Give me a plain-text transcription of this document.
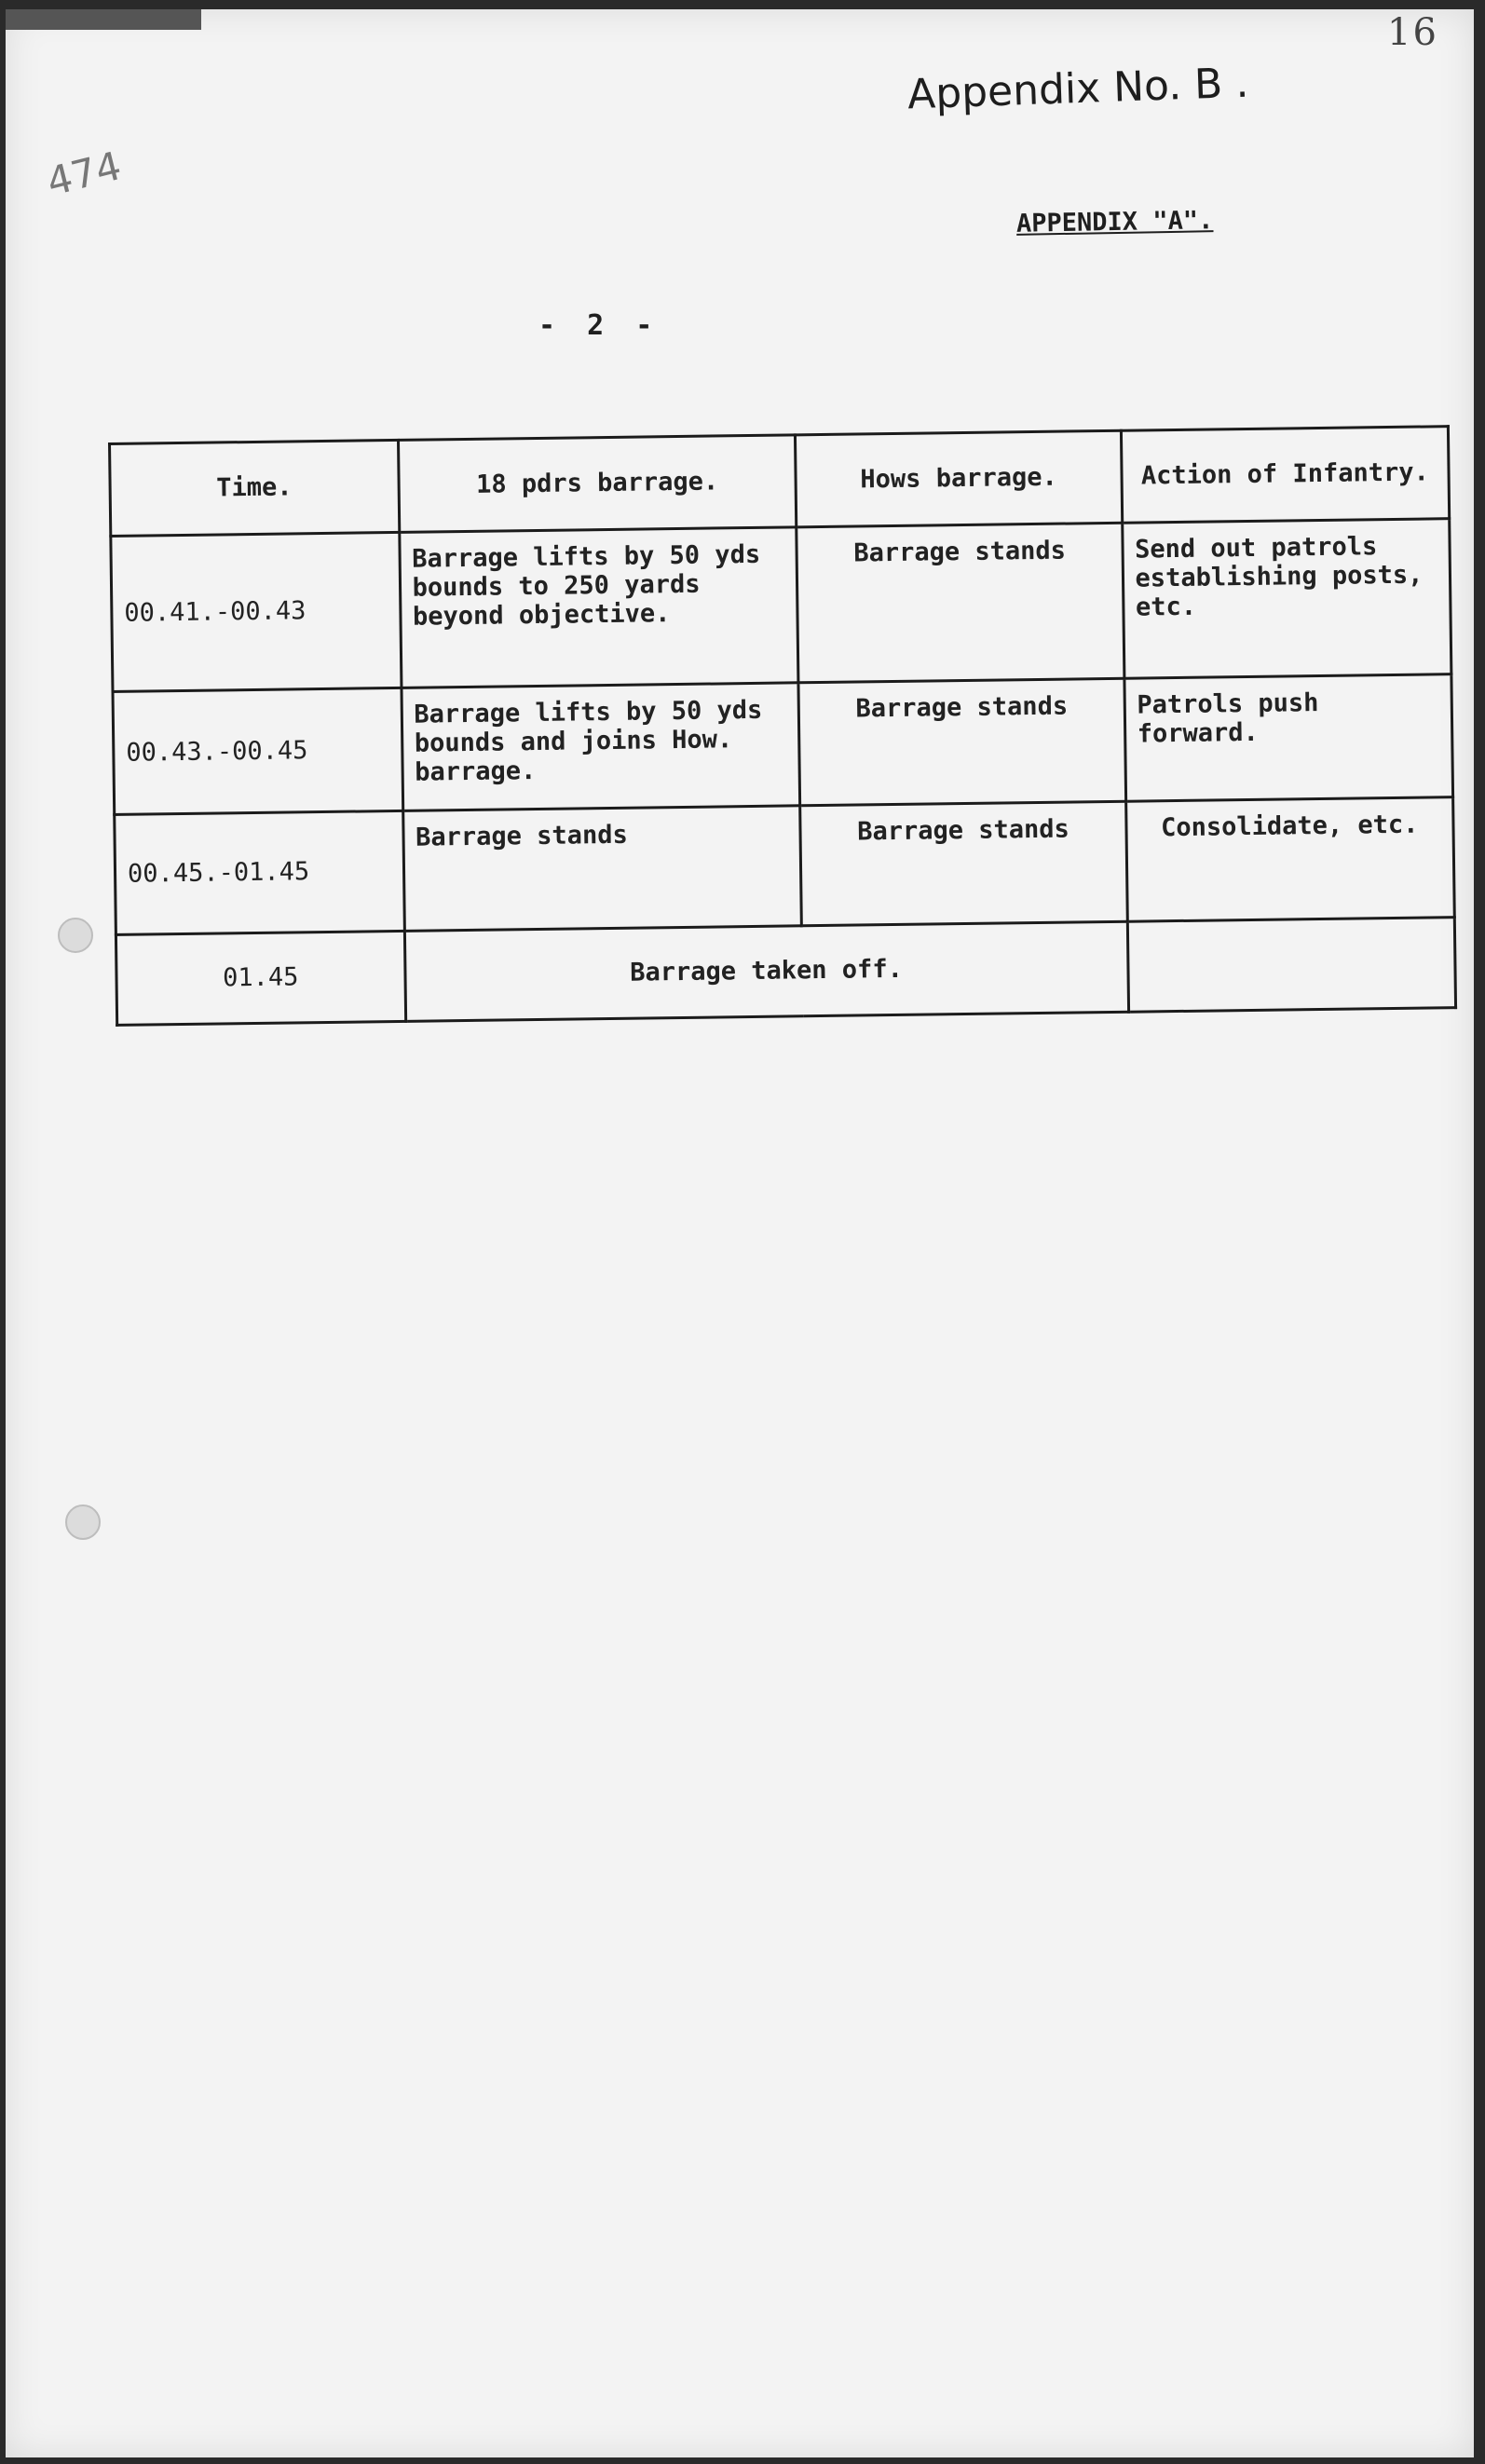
16
Appendix No. B .
474
APPENDIX "A".
- 2 -
Time.	18 pdrs barrage.	Hows barrage.	Action of Infantry.
00.41.-00.43	Barrage lifts by 50 yds bounds to 250 yards beyond objective.	Barrage stands	Send out patrols establishing posts, etc.
00.43.-00.45	Barrage lifts by 50 yds bounds and joins How. barrage.	Barrage stands	Patrols push forward.
00.45.-01.45	Barrage stands	Barrage stands	Consolidate, etc.
01.45	Barrage taken off.		
